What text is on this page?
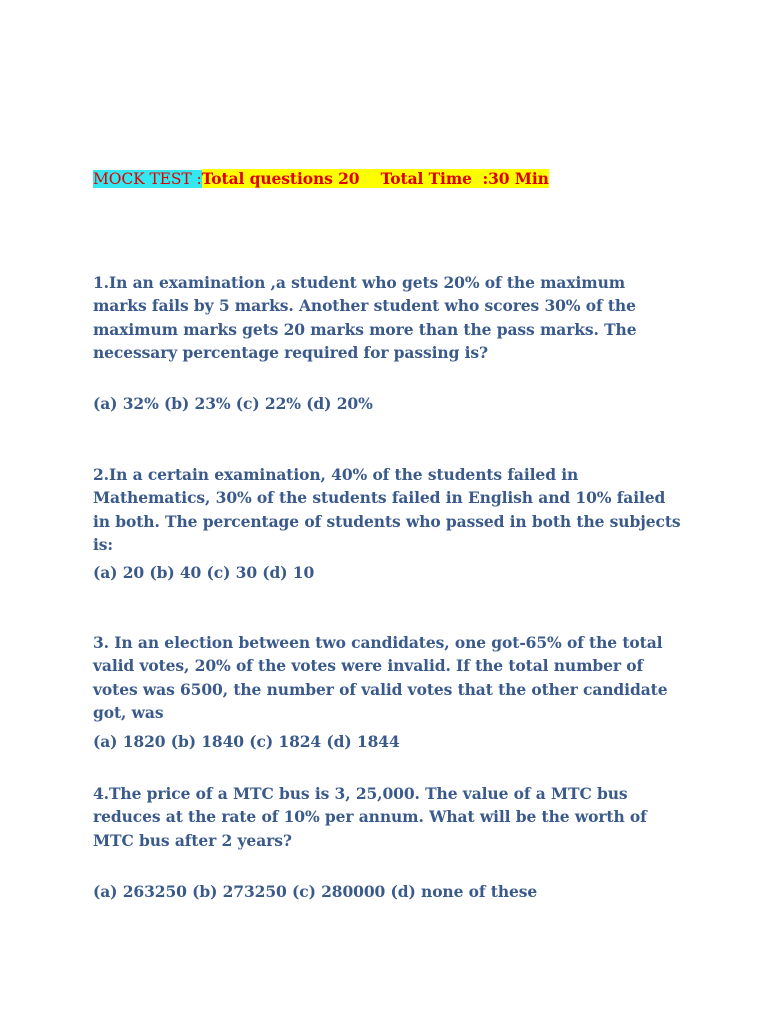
MOCK TEST :Total questions 20    Total Time  :30 Min
1.In an examination ,a student who gets 20% of the maximum marks fails by 5 marks. Another student who scores 30% of the maximum marks gets 20 marks more than the pass marks. The necessary percentage required for passing is?
(a) 32% (b) 23% (c) 22% (d) 20%
2.In a certain examination, 40% of the students failed in Mathematics, 30% of the students failed in English and 10% failed in both. The percentage of students who passed in both the subjects is:
(a) 20 (b) 40 (c) 30 (d) 10
3. In an election between two candidates, one got-65% of the total valid votes, 20% of the votes were invalid. If the total number of votes was 6500, the number of valid votes that the other candidate got, was
(a) 1820 (b) 1840 (c) 1824 (d) 1844
4.The price of a MTC bus is 3, 25,000. The value of a MTC bus reduces at the rate of 10% per annum. What will be the worth of MTC bus after 2 years?
(a) 263250 (b) 273250 (c) 280000 (d) none of these
